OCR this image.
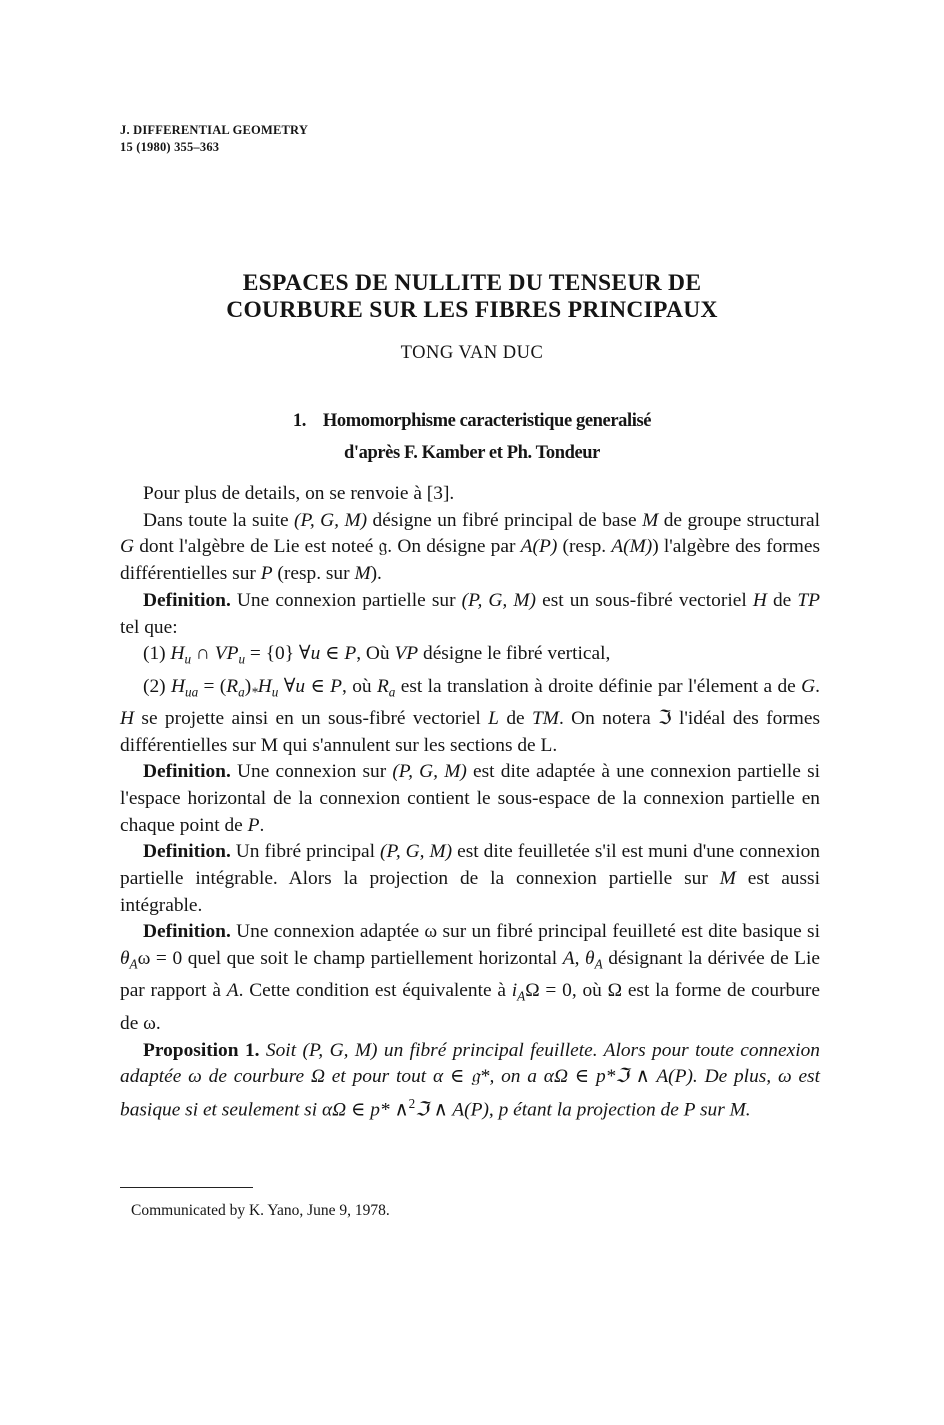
J. DIFFERENTIAL GEOMETRY
15 (1980) 355–363
ESPACES DE NULLITE DU TENSEUR DE
COURBURE SUR LES FIBRES PRINCIPAUX
TONG VAN DUC
1. Homomorphisme caracteristique generalisé
d'après F. Kamber et Ph. Tondeur

Pour plus de details, on se renvoie à [3].

Dans toute la suite (P, G, M) désigne un fibré principal de base M de groupe structural G dont l'algèbre de Lie est noteé 𝔤. On désigne par A(P) (resp. A(M)) l'algèbre des formes différentielles sur P (resp. sur M).

Definition. Une connexion partielle sur (P, G, M) est un sous-fibré vectoriel H de TP tel que:

(1) $H_u$ ∩ $VP_u = \{0\}$ ∀u ∈ P, Où VP désigne le fibré vertical,

(2) $H_{ua} = (R_a)_*H_u$ ∀u ∈ P, où $R_a$ est la translation à droite définie par l'élement a de G. H se projette ainsi en un sous-fibré vectoriel L de TM. On notera ℑ l'idéal des formes différentielles sur M qui s'annulent sur les sections de L.

Definition. Une connexion sur (P, G, M) est dite adaptée à une connexion partielle si l'espace horizontal de la connexion contient le sous-espace de la connexion partielle en chaque point de P.

Definition. Un fibré principal (P, G, M) est dite feuilletée s'il est muni d'une connexion partielle intégrable. Alors la projection de la connexion partielle sur M est aussi intégrable.

Definition. Une connexion adaptée ω sur un fibré principal feuilleté est dite basique si $\theta_A\omega = 0$ quel que soit le champ partiellement horizontal A, $\theta_A$ désignant la dérivée de Lie par rapport à A. Cette condition est équivalente à $i_A\Omega = 0$, où Ω est la forme de courbure de ω.

Proposition 1. Soit (P, G, M) un fibré principal feuillete. Alors pour toute connexion adaptée ω de courbure Ω et pour tout α ∈ 𝔤*, on a αΩ ∈ p*ℑ ∧ A(P). De plus, ω est basique si et seulement si αΩ ∈ p* ∧$^2$ℑ ∧ A(P), p étant la projection de P sur M.

Communicated by K. Yano, June 9, 1978.
